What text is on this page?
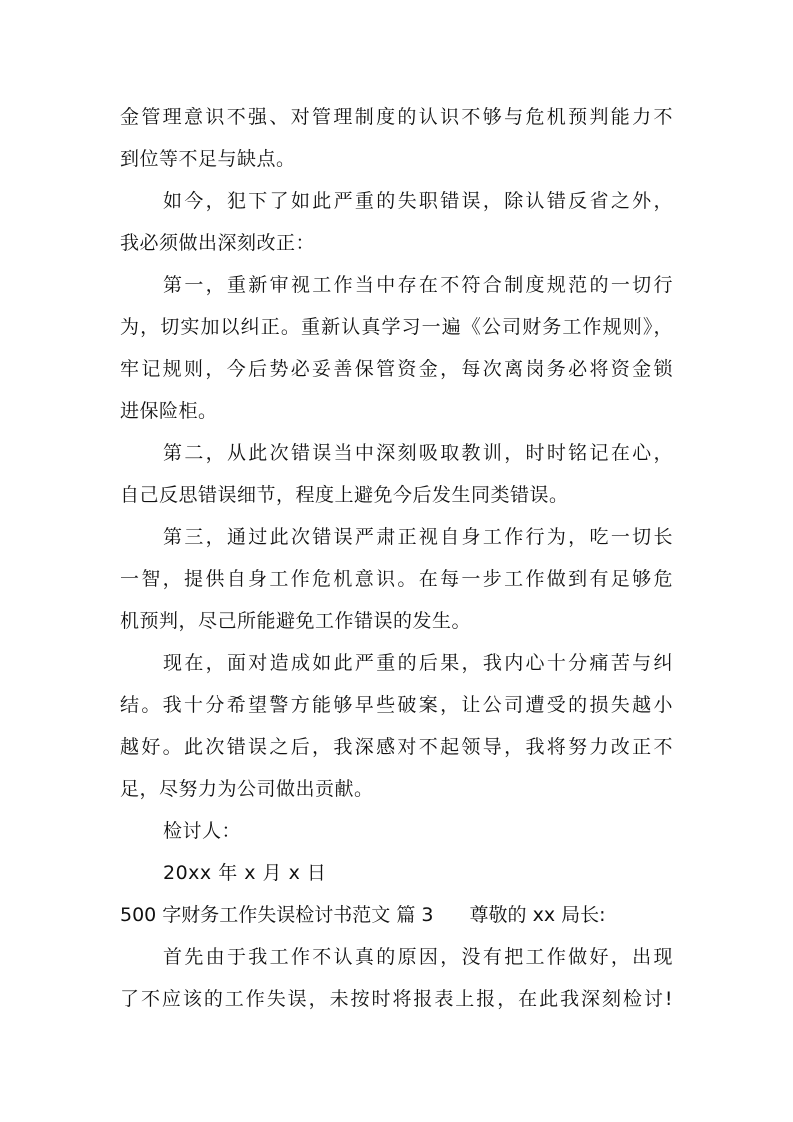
金管理意识不强、对管理制度的认识不够与危机预判能力不
到位等不足与缺点。
如今，犯下了如此严重的失职错误，除认错反省之外，
我必须做出深刻改正：
第一，重新审视工作当中存在不符合制度规范的一切行
为，切实加以纠正。重新认真学习一遍《公司财务工作规则》，
牢记规则，今后势必妥善保管资金，每次离岗务必将资金锁
进保险柜。
第二，从此次错误当中深刻吸取教训，时时铭记在心，
自己反思错误细节，程度上避免今后发生同类错误。
第三，通过此次错误严肃正视自身工作行为，吃一切长
一智，提供自身工作危机意识。在每一步工作做到有足够危
机预判，尽己所能避免工作错误的发生。
现在，面对造成如此严重的后果，我内心十分痛苦与纠
结。我十分希望警方能够早些破案，让公司遭受的损失越小
越好。此次错误之后，我深感对不起领导，我将努力改正不
足，尽努力为公司做出贡献。
检讨人：
20xx 年 x 月 x 日
500 字财务工作失误检讨书范文 篇 3 尊敬的 xx 局长:
首先由于我工作不认真的原因，没有把工作做好，出现
了不应该的工作失误，未按时将报表上报，在此我深刻检讨!
